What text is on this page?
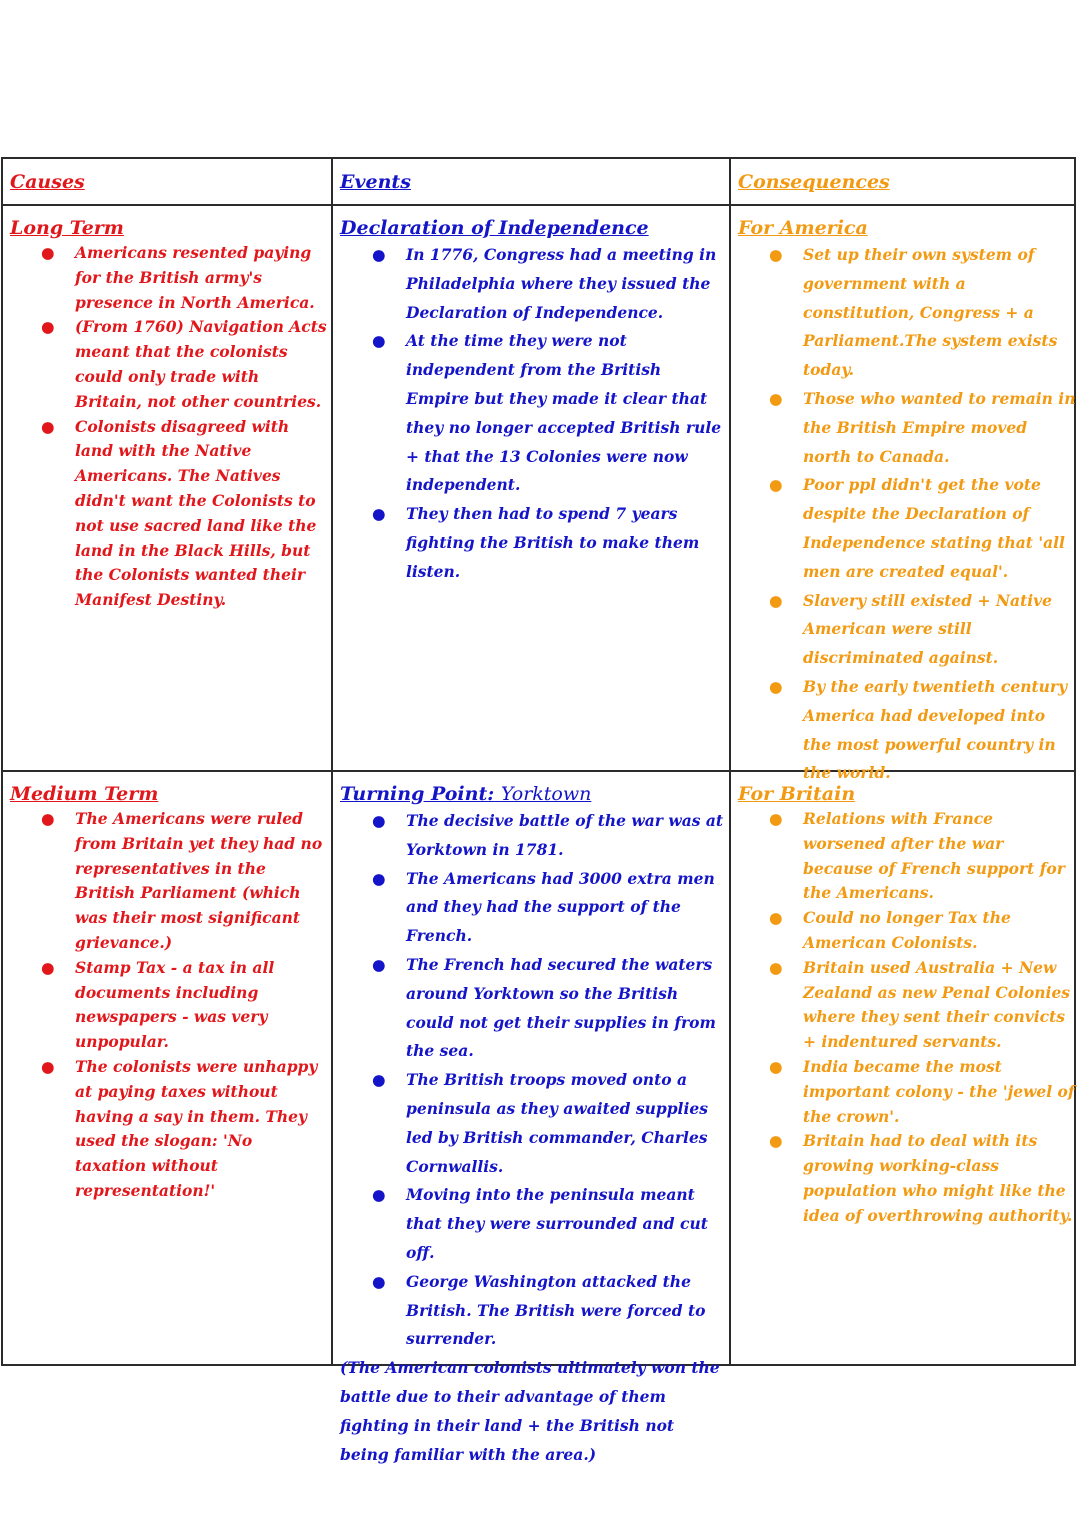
Causes	Events	Consequences

Long Term

● Americans resented paying for the British army's presence in North America.
● (From 1760) Navigation Acts meant that the colonists could only trade with Britain, not other countries.
● Colonists disagreed with land with the Native Americans. The Natives didn't want the Colonists to not use sacred land like the land in the Black Hills, but the Colonists wanted their Manifest Destiny.

Declaration of Independence

● In 1776, Congress had a meeting in Philadelphia where they issued the Declaration of Independence.
● At the time they were not independent from the British Empire but they made it clear that they no longer accepted British rule + that the 13 Colonies were now independent.
● They then had to spend 7 years fighting the British to make them listen.

For America

● Set up their own system of government with a constitution, Congress + a Parliament.The system exists today.
● Those who wanted to remain in the British Empire moved north to Canada.
● Poor ppl didn't get the vote despite the Declaration of Independence stating that 'all men are created equal'.
● Slavery still existed + Native American were still discriminated against.
● By the early twentieth century America had developed into the most powerful country in the world.

Medium Term

● The Americans were ruled from Britain yet they had no representatives in the British Parliament (which was their most significant grievance.)
● Stamp Tax - a tax in all documents including newspapers - was very unpopular.
● The colonists were unhappy at paying taxes without having a say in them. They used the slogan: 'No taxation without representation!'

Turning Point: Yorktown

● The decisive battle of the war was at Yorktown in 1781.
● The Americans had 3000 extra men and they had the support of the French.
● The French had secured the waters around Yorktown so the British could not get their supplies in from the sea.
● The British troops moved onto a peninsula as they awaited supplies led by British commander, Charles Cornwallis.
● Moving into the peninsula meant that they were surrounded and cut off.
● George Washington attacked the British. The British were forced to surrender.

(The American colonists ultimately won the battle due to their advantage of them fighting in their land + the British not being familiar with the area.)

For Britain

● Relations with France worsened after the war because of French support for the Americans.
● Could no longer Tax the American Colonists.
● Britain used Australia + New Zealand as new Penal Colonies where they sent their convicts + indentured servants.
● India became the most important colony - the 'jewel of the crown'.
● Britain had to deal with its growing working-class population who might like the idea of overthrowing authority.
